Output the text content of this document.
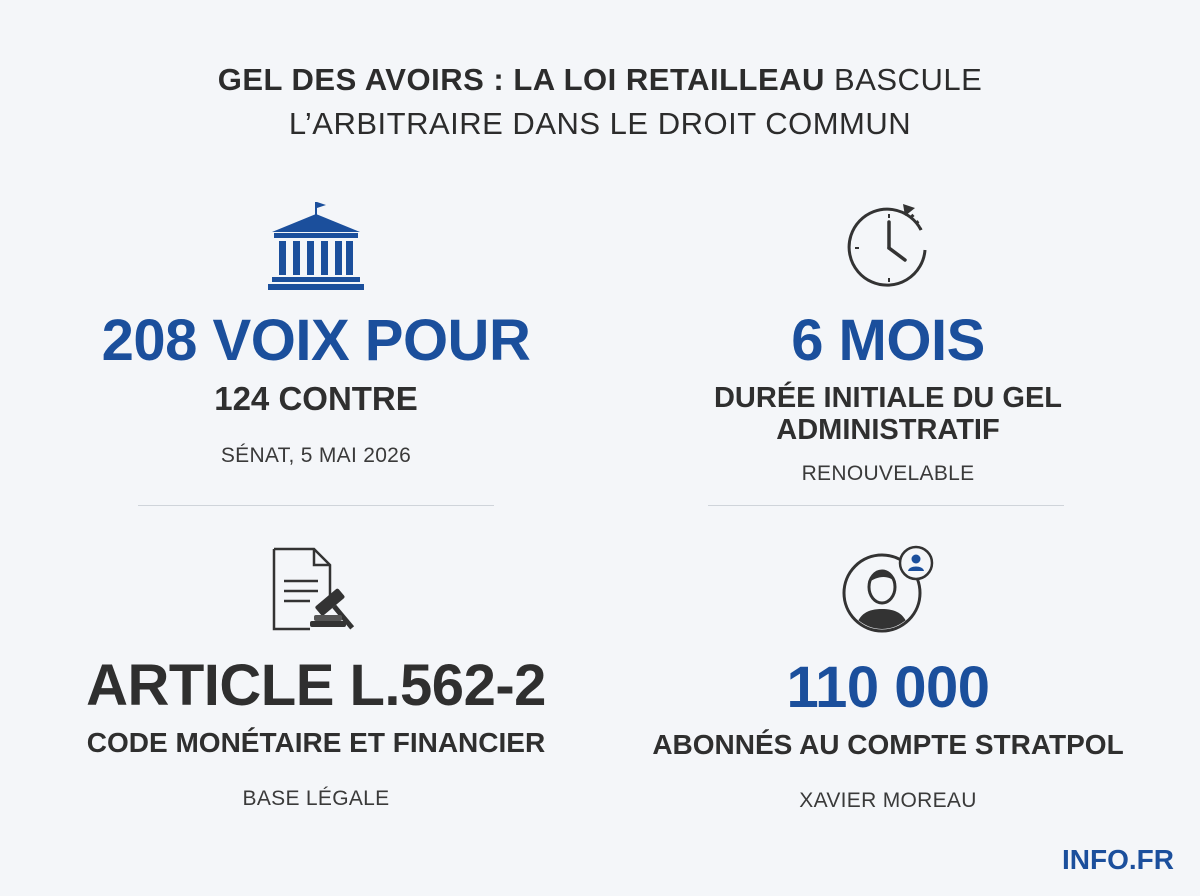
GEL DES AVOIRS : LA LOI RETAILLEAU BASCULE
L’ARBITRAIRE DANS LE DROIT COMMUN
208 VOIX POUR
124 CONTRE
SÉNAT, 5 MAI 2026
6 MOIS
DURÉE INITIALE DU GEL
ADMINISTRATIF
RENOUVELABLE
ARTICLE L.562-2
CODE MONÉTAIRE ET FINANCIER
BASE LÉGALE
110 000
ABONNÉS AU COMPTE STRATPOL
XAVIER MOREAU
INFO.FR
